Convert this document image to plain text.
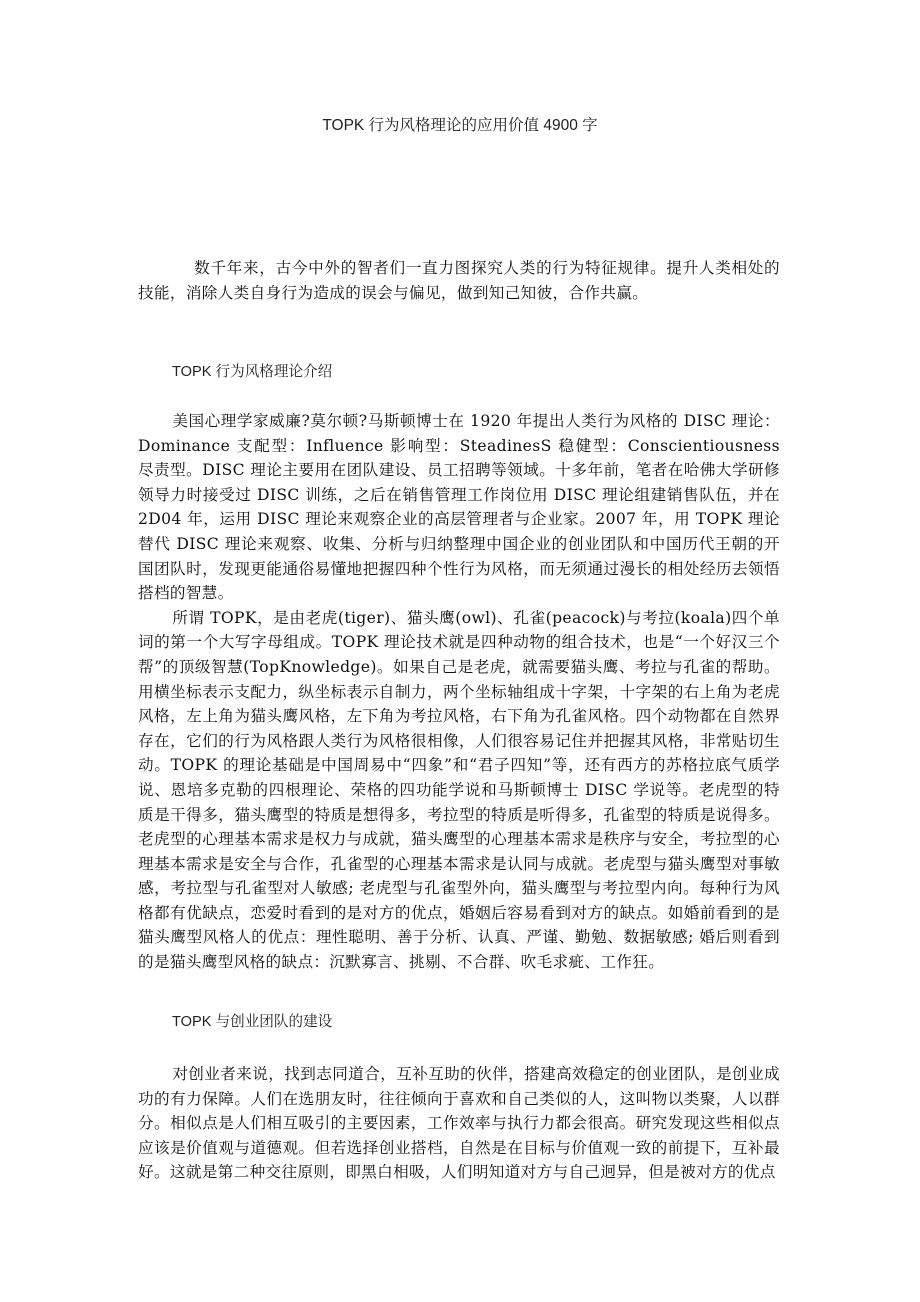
TOPK 行为风格理论的应用价值 4900 字

数千年来，古今中外的智者们一直力图探究人类的行为特征规律。提升人类相处的技能，消除人类自身行为造成的误会与偏见，做到知己知彼，合作共赢。

TOPK 行为风格理论介绍

美国心理学家威廉?莫尔顿?马斯顿博士在 1920 年提出人类行为风格的 DISC 理论：Dominance 支配型：Influence 影响型：SteadinesS 稳健型：Conscientiousness 尽责型。DISC 理论主要用在团队建设、员工招聘等领域。十多年前，笔者在哈佛大学研修领导力时接受过 DISC 训练，之后在销售管理工作岗位用 DISC 理论组建销售队伍，并在 2D04 年，运用 DISC 理论来观察企业的高层管理者与企业家。2007 年，用 TOPK 理论替代 DISC 理论来观察、收集、分析与归纳整理中国企业的创业团队和中国历代王朝的开国团队时，发现更能通俗易懂地把握四种个性行为风格，而无须通过漫长的相处经历去领悟搭档的智慧。

所谓 TOPK，是由老虎(tiger)、猫头鹰(owl)、孔雀(peacock)与考拉(koala)四个单词的第一个大写字母组成。TOPK 理论技术就是四种动物的组合技术，也是“一个好汉三个帮”的顶级智慧(TopKnowledge)。如果自己是老虎，就需要猫头鹰、考拉与孔雀的帮助。用横坐标表示支配力，纵坐标表示自制力，两个坐标轴组成十字架，十字架的右上角为老虎风格，左上角为猫头鹰风格，左下角为考拉风格，右下角为孔雀风格。四个动物都在自然界存在，它们的行为风格跟人类行为风格很相像，人们很容易记住并把握其风格，非常贴切生动。TOPK 的理论基础是中国周易中“四象”和“君子四知”等，还有西方的苏格拉底气质学说、恩培多克勒的四根理论、荣格的四功能学说和马斯顿博士 DISC 学说等。老虎型的特质是干得多，猫头鹰型的特质是想得多，考拉型的特质是听得多，孔雀型的特质是说得多。老虎型的心理基本需求是权力与成就，猫头鹰型的心理基本需求是秩序与安全，考拉型的心理基本需求是安全与合作，孔雀型的心理基本需求是认同与成就。老虎型与猫头鹰型对事敏感，考拉型与孔雀型对人敏感; 老虎型与孔雀型外向，猫头鹰型与考拉型内向。每种行为风格都有优缺点，恋爱时看到的是对方的优点，婚姻后容易看到对方的缺点。如婚前看到的是猫头鹰型风格人的优点：理性聪明、善于分析、认真、严谨、勤勉、数据敏感; 婚后则看到的是猫头鹰型风格的缺点：沉默寡言、挑剔、不合群、吹毛求疵、工作狂。

TOPK 与创业团队的建设

对创业者来说，找到志同道合，互补互助的伙伴，搭建高效稳定的创业团队，是创业成功的有力保障。人们在选朋友时，往往倾向于喜欢和自己类似的人，这叫物以类聚，人以群分。相似点是人们相互吸引的主要因素，工作效率与执行力都会很高。研究发现这些相似点应该是价值观与道德观。但若选择创业搭档，自然是在目标与价值观一致的前提下，互补最好。这就是第二种交往原则，即黑白相吸，人们明知道对方与自己迥异，但是被对方的优点
